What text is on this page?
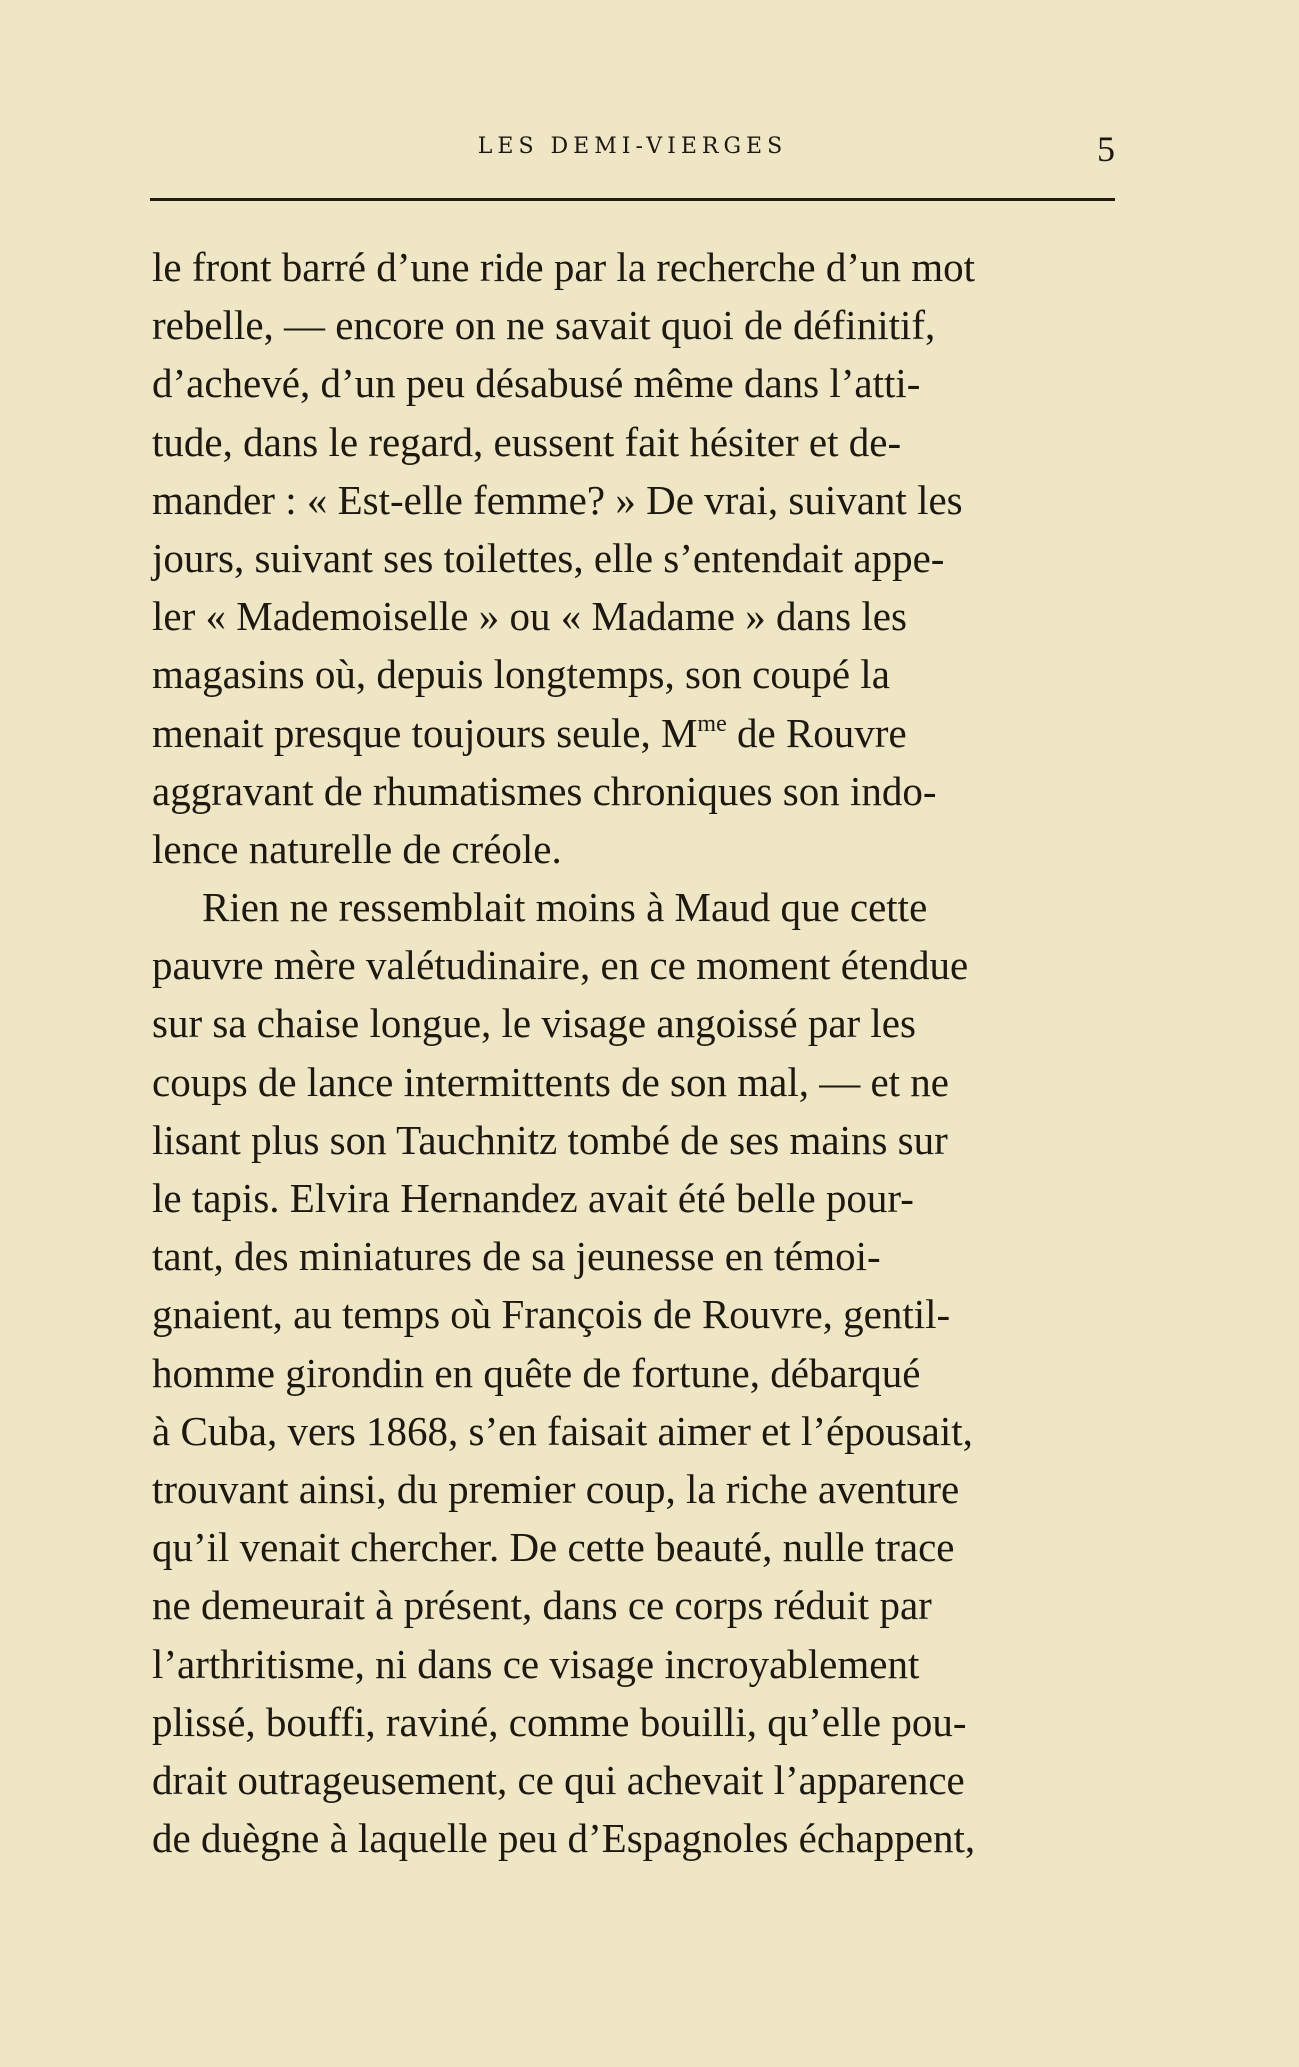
LES DEMI-VIERGES	5
le front barré d’une ride par la recherche d’un mot
rebelle, — encore on ne savait quoi de définitif,
d’achevé, d’un peu désabusé même dans l’atti-
tude, dans le regard, eussent fait hésiter et de-
mander : « Est-elle femme? » De vrai, suivant les
jours, suivant ses toilettes, elle s’entendait appe-
ler « Mademoiselle » ou « Madame » dans les
magasins où, depuis longtemps, son coupé la
menait presque toujours seule, $M^{me}$ de Rouvre
aggravant de rhumatismes chroniques son indo-
lence naturelle de créole.
Rien ne ressemblait moins à Maud que cette
pauvre mère valétudinaire, en ce moment étendue
sur sa chaise longue, le visage angoissé par les
coups de lance intermittents de son mal, — et ne
lisant plus son Tauchnitz tombé de ses mains sur
le tapis. Elvira Hernandez avait été belle pour-
tant, des miniatures de sa jeunesse en témoi-
gnaient, au temps où François de Rouvre, gentil-
homme girondin en quête de fortune, débarqué
à Cuba, vers 1868, s’en faisait aimer et l’épousait,
trouvant ainsi, du premier coup, la riche aventure
qu’il venait chercher. De cette beauté, nulle trace
ne demeurait à présent, dans ce corps réduit par
l’arthritisme, ni dans ce visage incroyablement
plissé, bouffi, raviné, comme bouilli, qu’elle pou-
drait outrageusement, ce qui achevait l’apparence
de duègne à laquelle peu d’Espagnoles échappent,
